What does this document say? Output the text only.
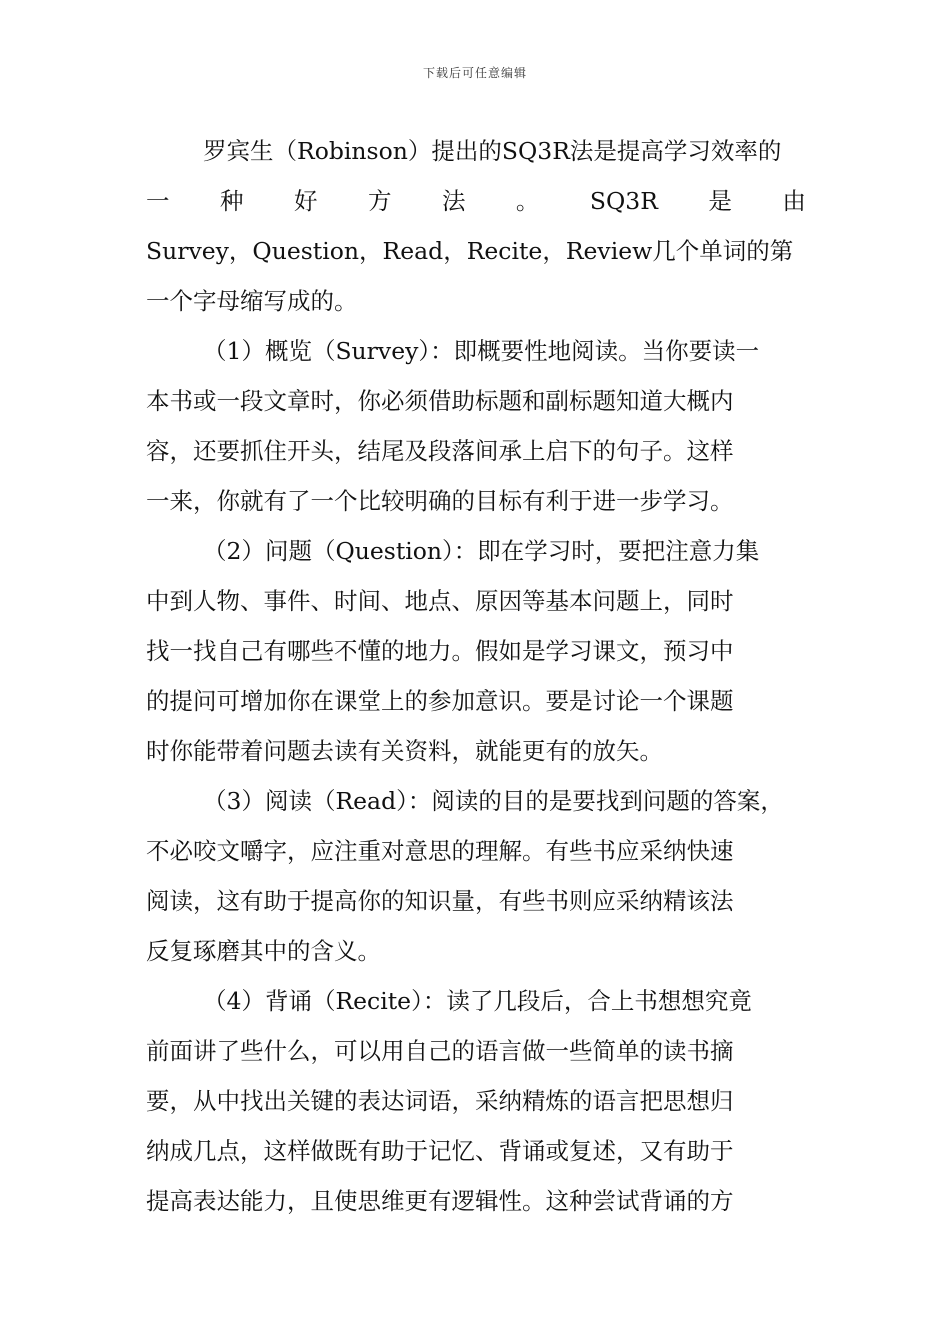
下载后可任意编辑
罗宾生（Robinson）提出的SQ3R法是提高学习效率的
一 种 好 方 法 。 SQ3R 是 由
Survey，Question，Read，Recite，Review几个单词的第
一个字母缩写成的。
（1）概览（Survey）：即概要性地阅读。当你要读一
本书或一段文章时，你必须借助标题和副标题知道大概内
容，还要抓住开头，结尾及段落间承上启下的句子。这样
一来，你就有了一个比较明确的目标有利于进一步学习。
（2）问题（Question）：即在学习时，要把注意力集
中到人物、事件、时间、地点、原因等基本问题上，同时
找一找自己有哪些不懂的地力。假如是学习课文，预习中
的提问可增加你在课堂上的参加意识。要是讨论一个课题
时你能带着问题去读有关资料，就能更有的放矢。
（3）阅读（Read）：阅读的目的是要找到问题的答案，
不必咬文嚼字，应注重对意思的理解。有些书应采纳快速
阅读，这有助于提高你的知识量，有些书则应采纳精该法
反复琢磨其中的含义。
（4）背诵（Recite）：读了几段后，合上书想想究竟
前面讲了些什么，可以用自己的语言做一些简单的读书摘
要，从中找出关键的表达词语，采纳精炼的语言把思想归
纳成几点，这样做既有助于记忆、背诵或复述，又有助于
提高表达能力，且使思维更有逻辑性。这种尝试背诵的方
